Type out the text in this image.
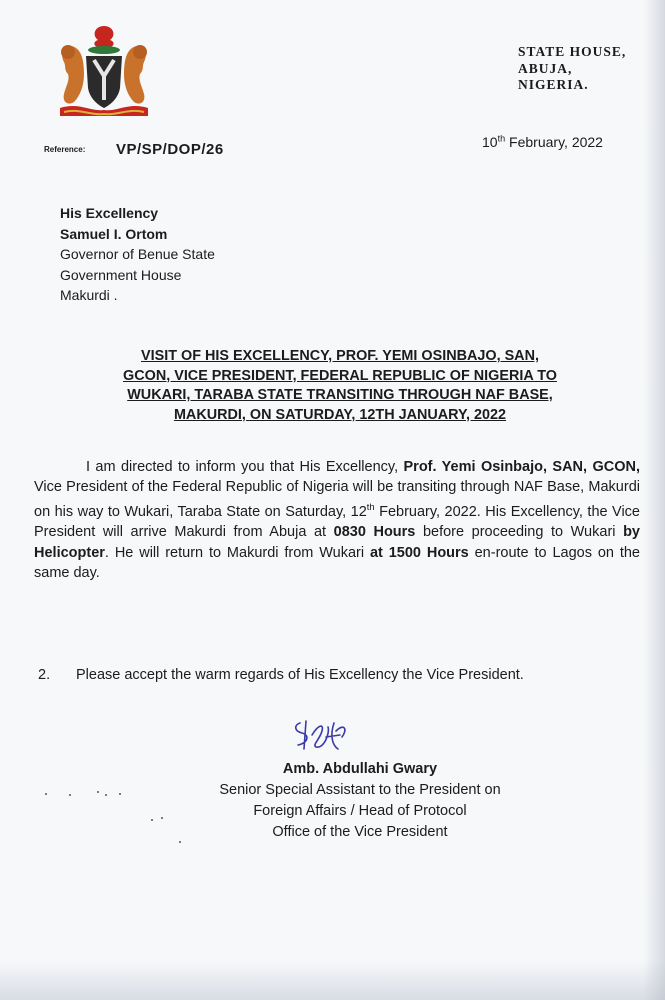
STATE HOUSE,
ABUJA,
NIGERIA.
Reference: VP/SP/DOP/26	10th February, 2022
His Excellency
Samuel I. Ortom
Governor of Benue State
Government House
Makurdi .
VISIT OF HIS EXCELLENCY, PROF. YEMI OSINBAJO, SAN,
GCON, VICE PRESIDENT, FEDERAL REPUBLIC OF NIGERIA TO
WUKARI, TARABA STATE TRANSITING THROUGH NAF BASE,
MAKURDI, ON SATURDAY, 12TH JANUARY, 2022
I am directed to inform you that His Excellency, Prof. Yemi Osinbajo, SAN, GCON, Vice President of the Federal Republic of Nigeria will be transiting through NAF Base, Makurdi on his way to Wukari, Taraba State on Saturday, 12th February, 2022. His Excellency, the Vice President will arrive Makurdi from Abuja at 0830 Hours before proceeding to Wukari by Helicopter. He will return to Makurdi from Wukari at 1500 Hours en-route to Lagos on the same day.
2. Please accept the warm regards of His Excellency the Vice President.
Amb. Abdullahi Gwary
Senior Special Assistant to the President on
Foreign Affairs / Head of Protocol
Office of the Vice President
